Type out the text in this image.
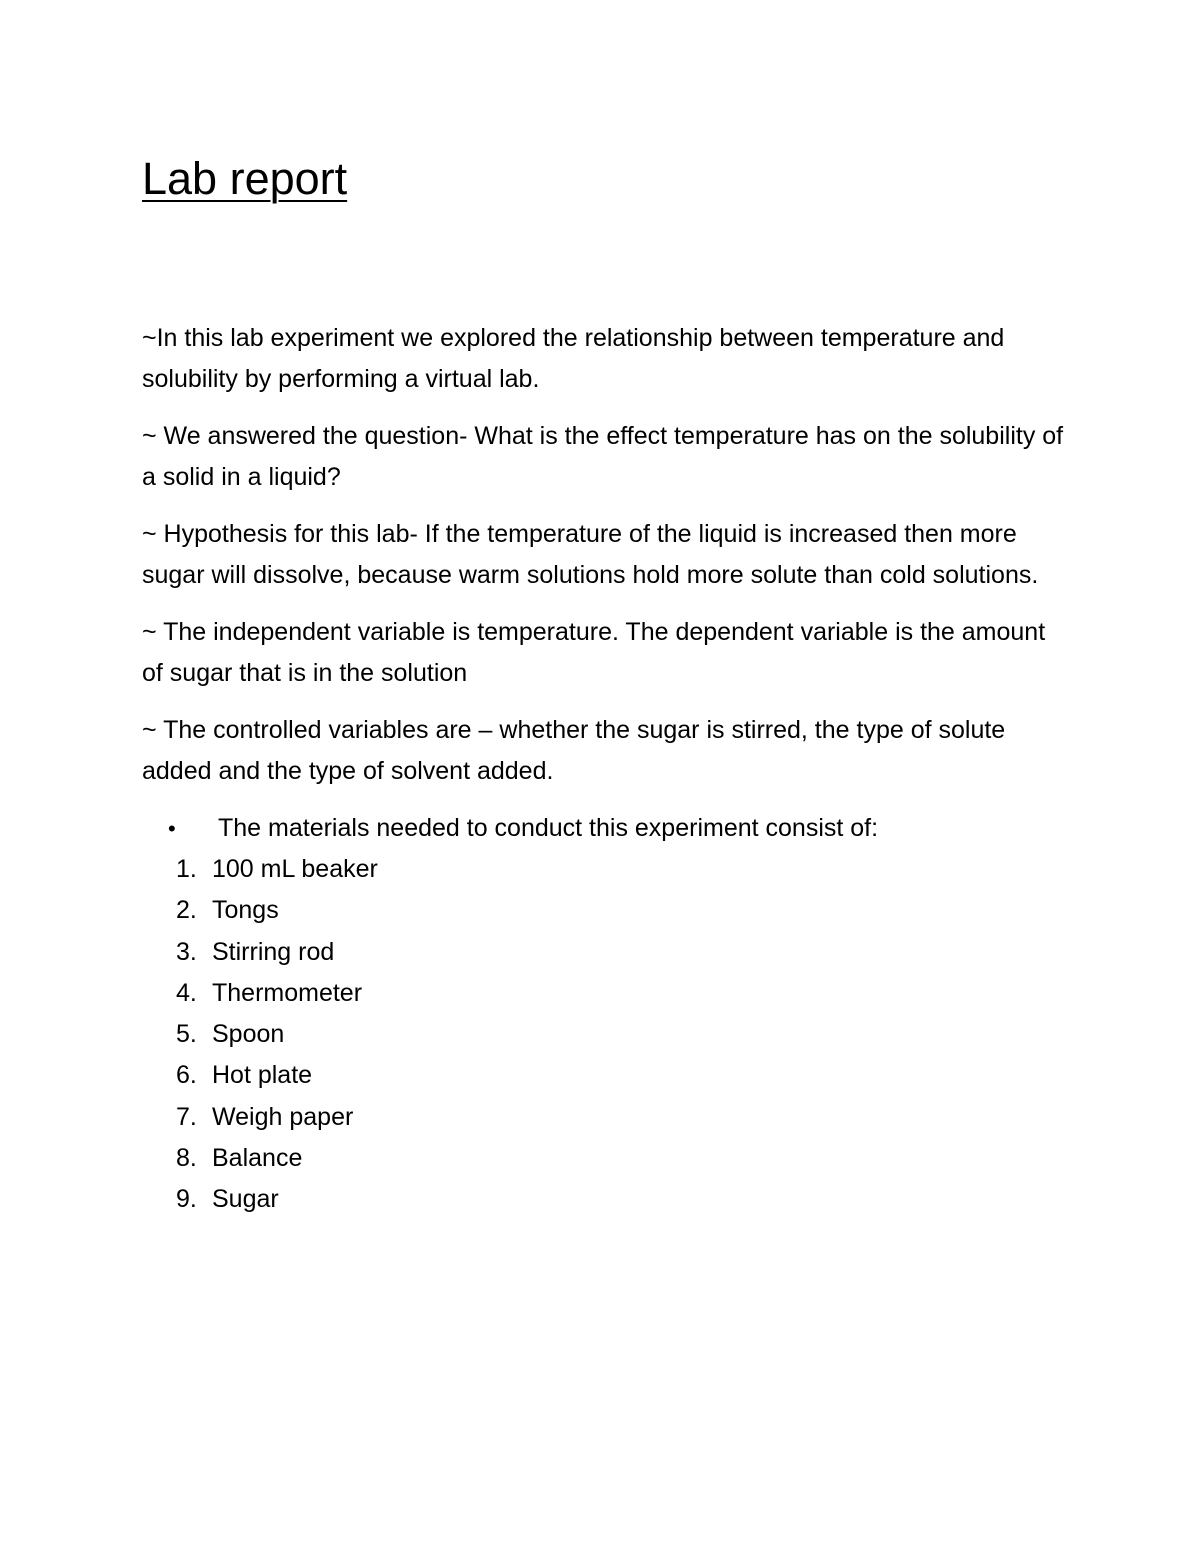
Lab report

~In this lab experiment we explored the relationship between temperature and solubility by performing a virtual lab.

~ We answered the question- What is the effect temperature has on the solubility of a solid in a liquid?

~ Hypothesis for this lab- If the temperature of the liquid is increased then more sugar will dissolve, because warm solutions hold more solute than cold solutions.

~ The independent variable is temperature. The dependent variable is the amount of sugar that is in the solution

~ The controlled variables are – whether the sugar is stirred, the type of solute added and the type of solvent added.

•	The materials needed to conduct this experiment consist of:
1. 100 mL beaker
2. Tongs
3. Stirring rod
4. Thermometer
5. Spoon
6. Hot plate
7. Weigh paper
8. Balance
9. Sugar
